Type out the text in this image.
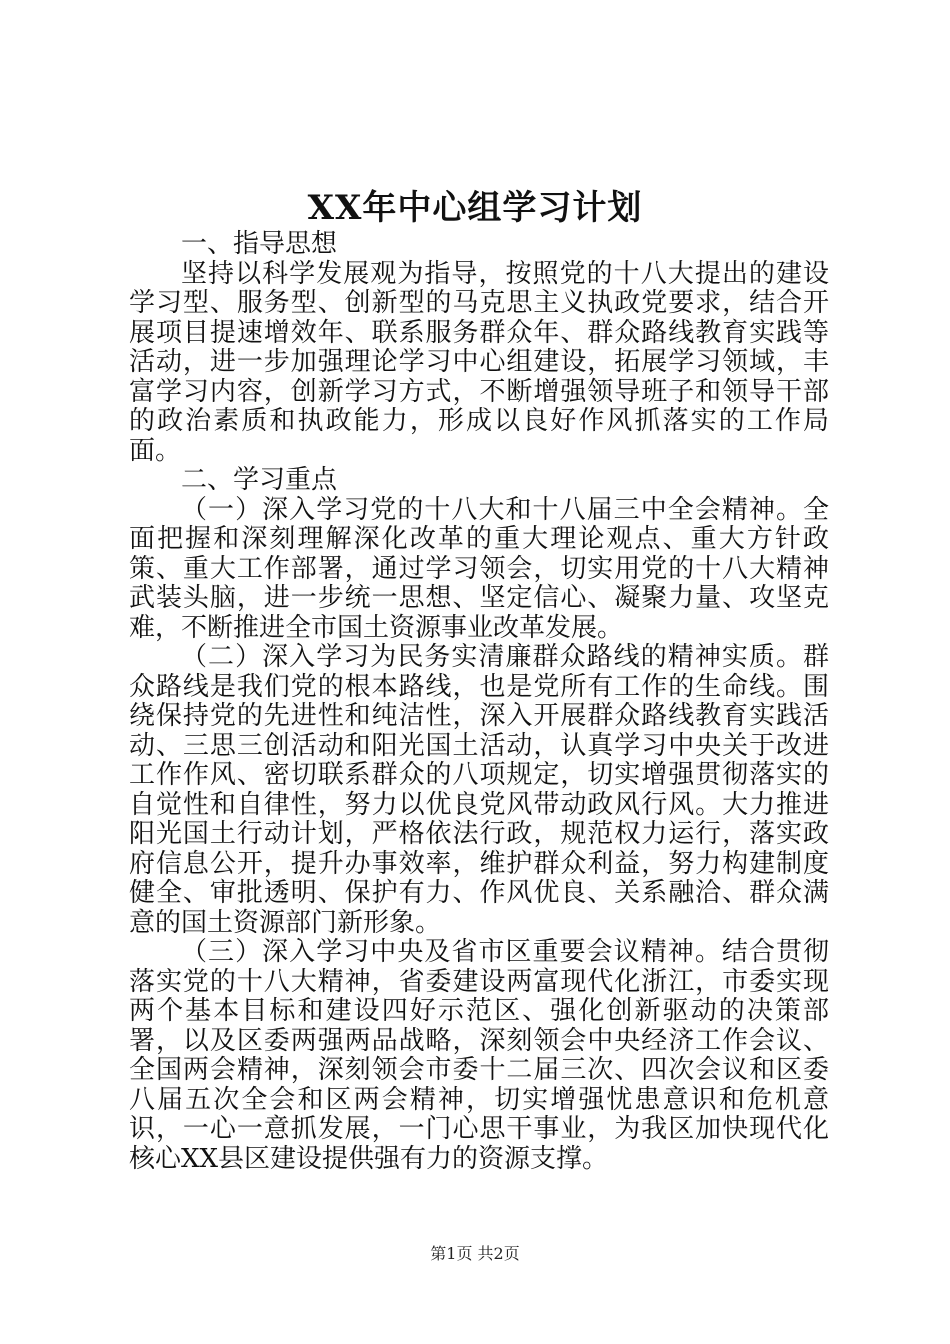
XX年中心组学习计划

一、指导思想

坚持以科学发展观为指导，按照党的十八大提出的建设学习型、服务型、创新型的马克思主义执政党要求，结合开展项目提速增效年、联系服务群众年、群众路线教育实践等活动，进一步加强理论学习中心组建设，拓展学习领域，丰富学习内容，创新学习方式，不断增强领导班子和领导干部的政治素质和执政能力，形成以良好作风抓落实的工作局面。

二、学习重点

（一）深入学习党的十八大和十八届三中全会精神。全面把握和深刻理解深化改革的重大理论观点、重大方针政策、重大工作部署，通过学习领会，切实用党的十八大精神武装头脑，进一步统一思想、坚定信心、凝聚力量、攻坚克难，不断推进全市国土资源事业改革发展。

（二）深入学习为民务实清廉群众路线的精神实质。群众路线是我们党的根本路线，也是党所有工作的生命线。围绕保持党的先进性和纯洁性，深入开展群众路线教育实践活动、三思三创活动和阳光国土活动，认真学习中央关于改进工作作风、密切联系群众的八项规定，切实增强贯彻落实的自觉性和自律性，努力以优良党风带动政风行风。大力推进阳光国土行动计划，严格依法行政，规范权力运行，落实政府信息公开，提升办事效率，维护群众利益，努力构建制度健全、审批透明、保护有力、作风优良、关系融洽、群众满意的国土资源部门新形象。

（三）深入学习中央及省市区重要会议精神。结合贯彻落实党的十八大精神，省委建设两富现代化浙江，市委实现两个基本目标和建设四好示范区、强化创新驱动的决策部署，以及区委两强两品战略，深刻领会中央经济工作会议、全国两会精神，深刻领会市委十二届三次、四次会议和区委八届五次全会和区两会精神，切实增强忧患意识和危机意识，一心一意抓发展，一门心思干事业，为我区加快现代化核心XX县区建设提供强有力的资源支撑。

第1页 共2页
